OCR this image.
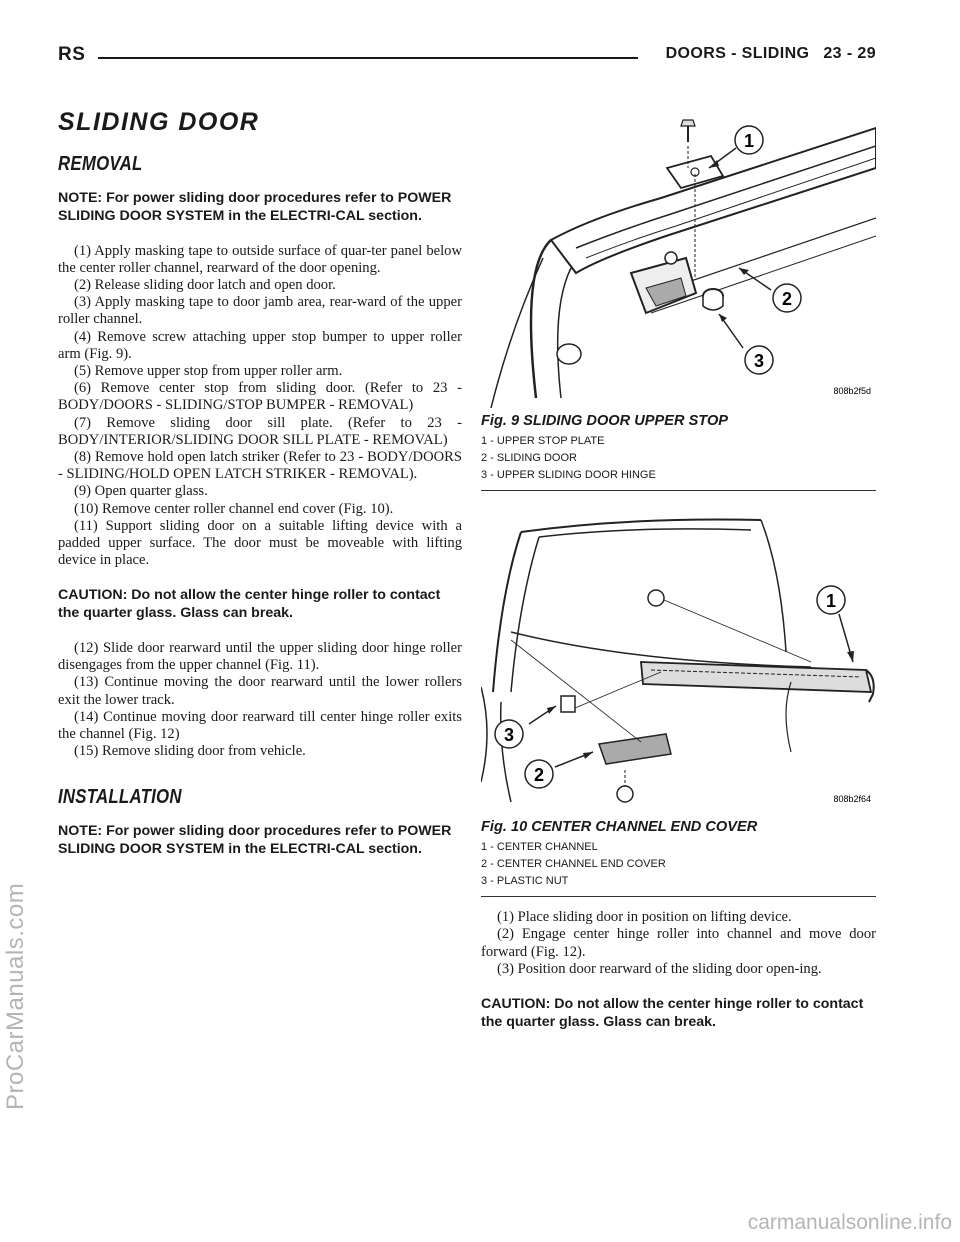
RS	DOORS - SLIDING 23 - 29
SLIDING DOOR
REMOVAL

NOTE: For power sliding door procedures refer to POWER SLIDING DOOR SYSTEM in the ELECTRI-CAL section.

(1) Apply masking tape to outside surface of quar-ter panel below the center roller channel, rearward of the door opening.

(2) Release sliding door latch and open door.

(3) Apply masking tape to door jamb area, rear-ward of the upper roller channel.

(4) Remove screw attaching upper stop bumper to upper roller arm (Fig. 9).

(5) Remove upper stop from upper roller arm.

(6) Remove center stop from sliding door. (Refer to 23 - BODY/DOORS - SLIDING/STOP BUMPER - REMOVAL)

(7) Remove sliding door sill plate. (Refer to 23 - BODY/INTERIOR/SLIDING DOOR SILL PLATE - REMOVAL)

(8) Remove hold open latch striker (Refer to 23 - BODY/DOORS - SLIDING/HOLD OPEN LATCH STRIKER - REMOVAL).

(9) Open quarter glass.

(10) Remove center roller channel end cover (Fig. 10).

(11) Support sliding door on a suitable lifting device with a padded upper surface. The door must be moveable with lifting device in place.

CAUTION: Do not allow the center hinge roller to contact the quarter glass. Glass can break.

(12) Slide door rearward until the upper sliding door hinge roller disengages from the upper channel (Fig. 11).

(13) Continue moving the door rearward until the lower rollers exit the lower track.

(14) Continue moving door rearward till center hinge roller exits the channel (Fig. 12)

(15) Remove sliding door from vehicle.

INSTALLATION

NOTE: For power sliding door procedures refer to POWER SLIDING DOOR SYSTEM in the ELECTRI-CAL section.

1
2
3
808b2f5d

Fig. 9 SLIDING DOOR UPPER STOP

1 - UPPER STOP PLATE
2 - SLIDING DOOR
3 - UPPER SLIDING DOOR HINGE
1
3
2
808b2f64

Fig. 10 CENTER CHANNEL END COVER

1 - CENTER CHANNEL
2 - CENTER CHANNEL END COVER
3 - PLASTIC NUT

(1) Place sliding door in position on lifting device.

(2) Engage center hinge roller into channel and move door forward (Fig. 12).

(3) Position door rearward of the sliding door open-ing.

CAUTION: Do not allow the center hinge roller to contact the quarter glass. Glass can break.

ProCarManuals.com
carmanualsonline.info
